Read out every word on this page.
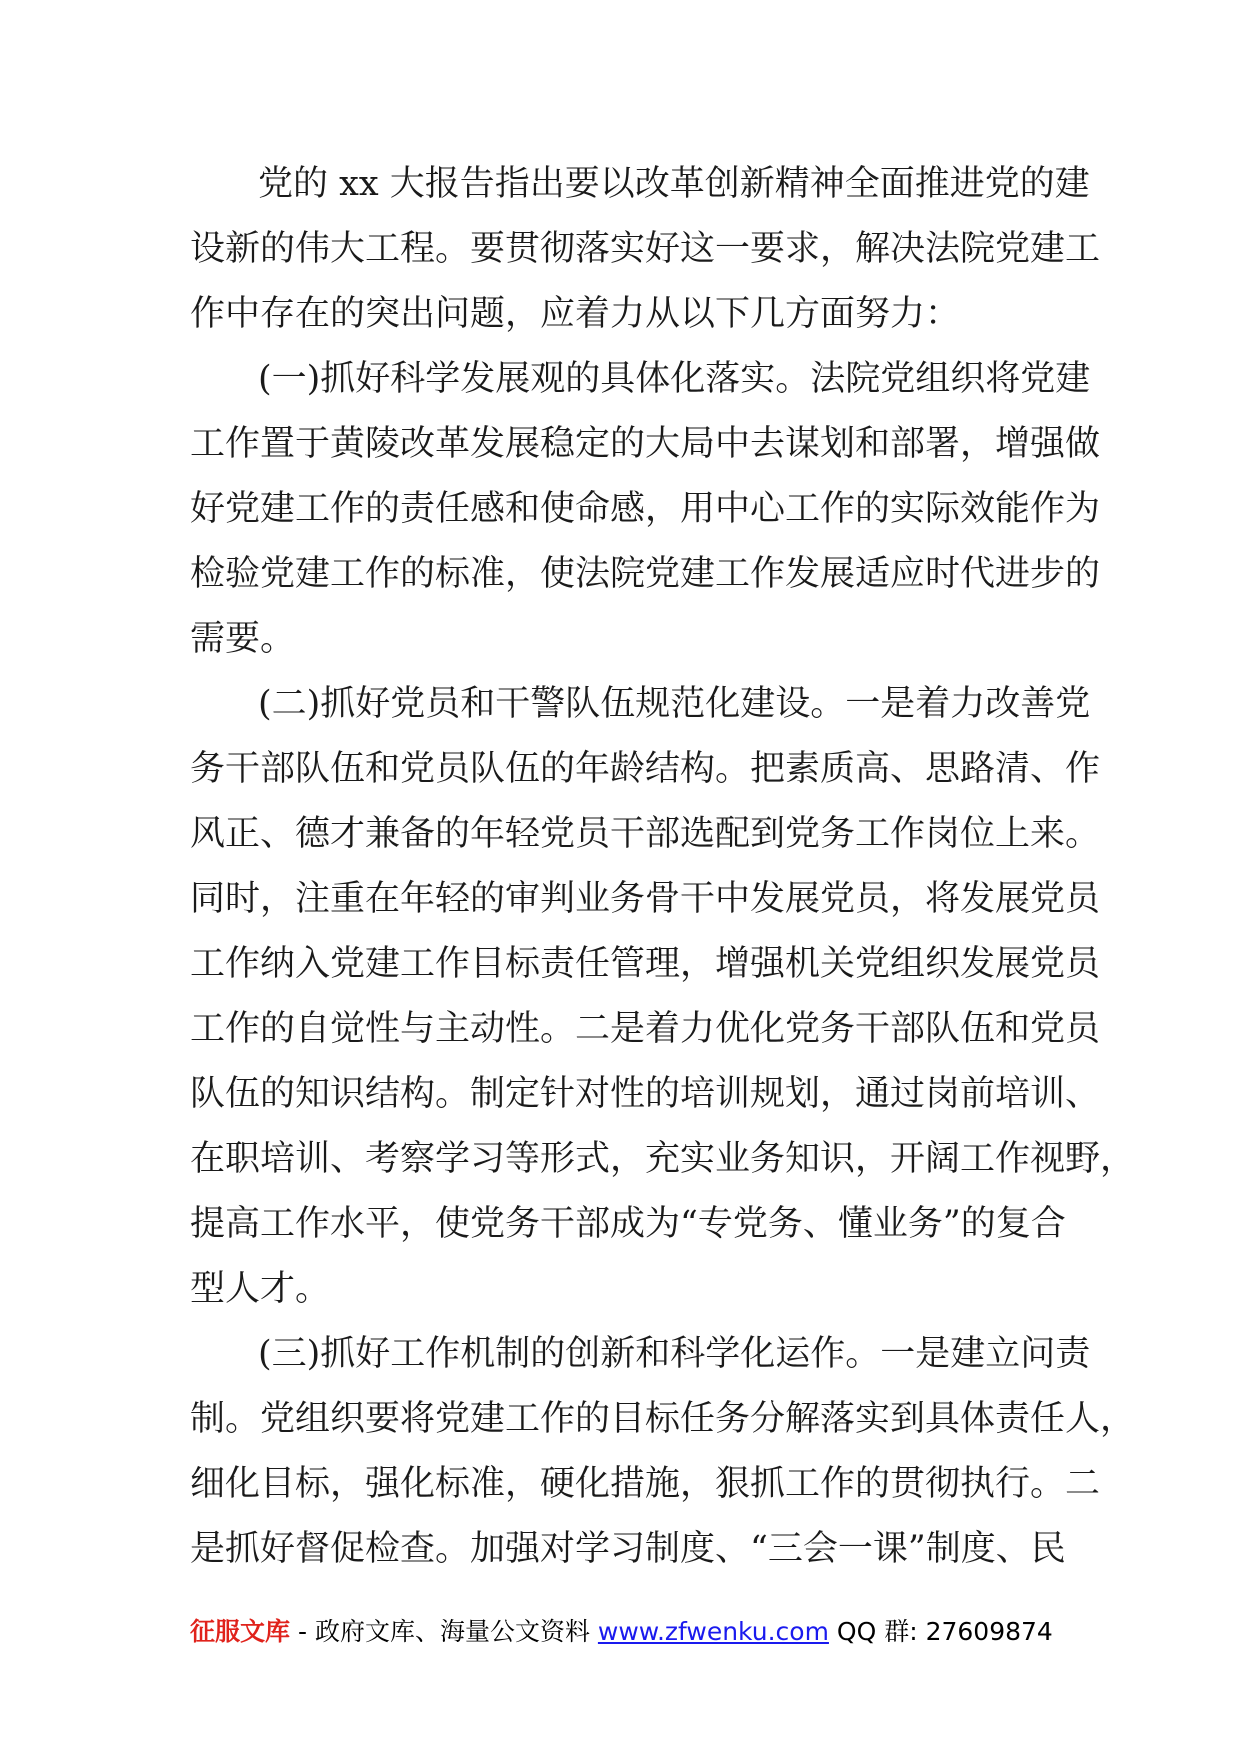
党的 xx 大报告指出要以改革创新精神全面推进党的建
设新的伟大工程。要贯彻落实好这一要求，解决法院党建工
作中存在的突出问题，应着力从以下几方面努力：
(一)抓好科学发展观的具体化落实。法院党组织将党建
工作置于黄陵改革发展稳定的大局中去谋划和部署，增强做
好党建工作的责任感和使命感，用中心工作的实际效能作为
检验党建工作的标准，使法院党建工作发展适应时代进步的
需要。
(二)抓好党员和干警队伍规范化建设。一是着力改善党
务干部队伍和党员队伍的年龄结构。把素质高、思路清、作
风正、德才兼备的年轻党员干部选配到党务工作岗位上来。
同时，注重在年轻的审判业务骨干中发展党员，将发展党员
工作纳入党建工作目标责任管理，增强机关党组织发展党员
工作的自觉性与主动性。二是着力优化党务干部队伍和党员
队伍的知识结构。制定针对性的培训规划，通过岗前培训、
在职培训、考察学习等形式，充实业务知识，开阔工作视野，
提高工作水平，使党务干部成为“专党务、懂业务”的复合
型人才。
(三)抓好工作机制的创新和科学化运作。一是建立问责
制。党组织要将党建工作的目标任务分解落实到具体责任人，
细化目标，强化标准，硬化措施，狠抓工作的贯彻执行。二
是抓好督促检查。加强对学习制度、“三会一课”制度、民
征服文库 - 政府文库、海量公文资料 www.zfwenku.com QQ 群: 27609874
